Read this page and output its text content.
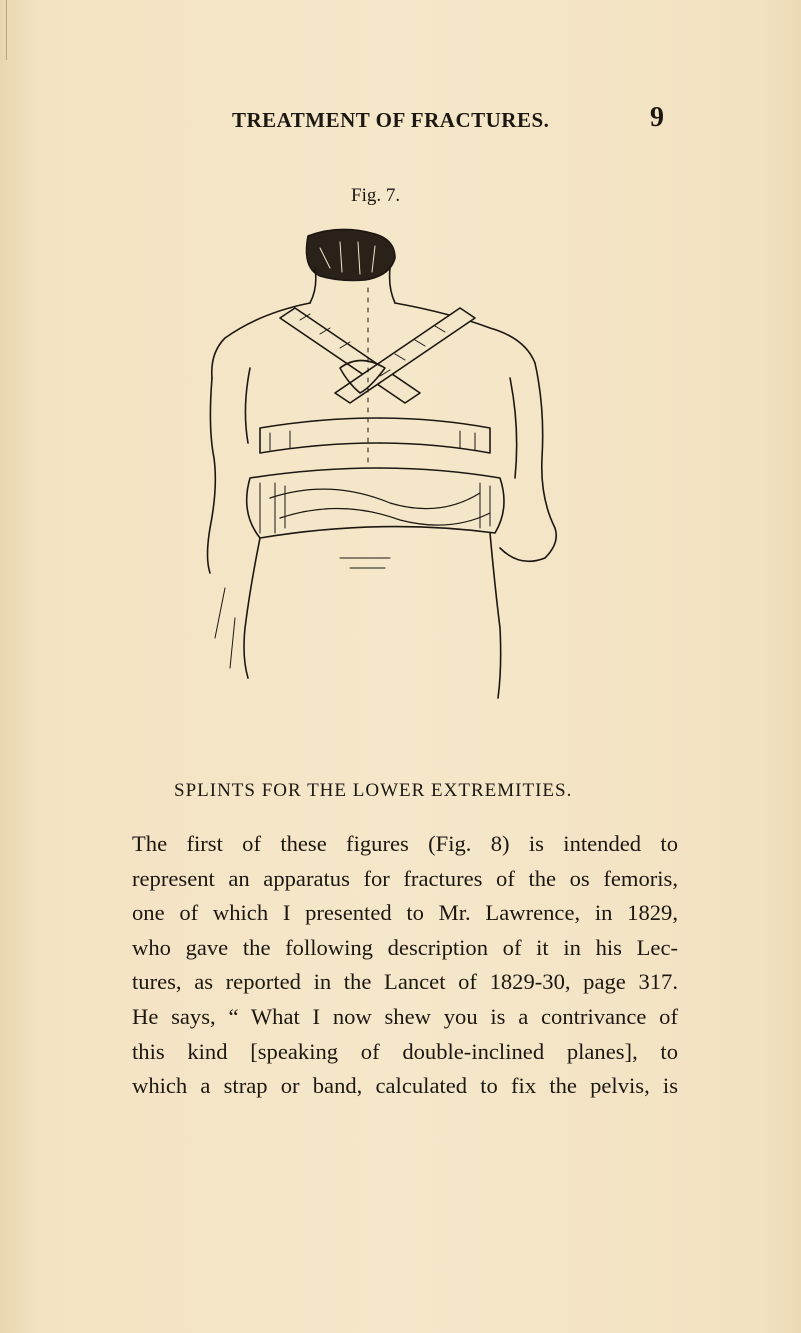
TREATMENT OF FRACTURES.	9
Fig. 7.
SPLINTS FOR THE LOWER EXTREMITIES.
The first of these figures (Fig. 8) is intended to
represent an apparatus for fractures of the os femoris,
one of which I presented to Mr. Lawrence, in 1829,
who gave the following description of it in his Lec-
tures, as reported in the Lancet of 1829-30, page 317.
He says, “ What I now shew you is a contrivance of
this kind [speaking of double-inclined planes], to
which a strap or band, calculated to fix the pelvis, is
